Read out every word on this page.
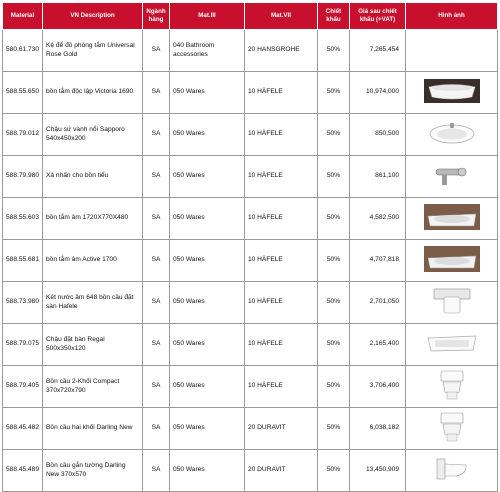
Material	VN Description	Ngành hàng	Mat.III	Mat.VII	Chiết khấu	Giá sau chiết khấu (+VAT)	Hình ảnh
580.61.730	Kệ để đồ phòng tắm Universal Rose Gold	SA	040 Bathroom accessories	20 HANSGROHE	50%	7,265,454	
588.55.650	bồn tắm độc lập Victoria 1690	SA	050 Wares	10 HÄFELE	50%	10,974,000	

588.79.012	Chậu sứ vành nổi Sapporo 540x450x200	SA	050 Wares	10 HÄFELE	50%	850,500	

588.79.980	Xả nhấn cho bồn tiểu	SA	050 Wares	10 HÄFELE	50%	861,100	

588.55.603	bồn tắm âm 1720X770X480	SA	050 Wares	10 HÄFELE	50%	4,582,500	

588.55.681	bồn tắm âm Active 1700	SA	050 Wares	10 HÄFELE	50%	4,707,818	

588.73.980	Két nước âm 648 bồn cầu đặt sàn Hafele	SA	050 Wares	10 HÄFELE	50%	2,701,050	

588.79.075	Chậu đặt bàn Regal 500x350x120	SA	050 Wares	10 HÄFELE	50%	2,165,400	

588.79.405	Bồn cầu 2-Khối Compact 370x720x790	SA	050 Wares	10 HÄFELE	50%	3,706,400	

588.45.482	Bồn cầu hai khối Darling New	SA	050 Wares	20 DURAVIT	50%	6,038,182	

588.45.489	Bồn cầu gắn tường Darling New 370x570	SA	050 Wares	20 DURAVIT	50%	13,450,909	
